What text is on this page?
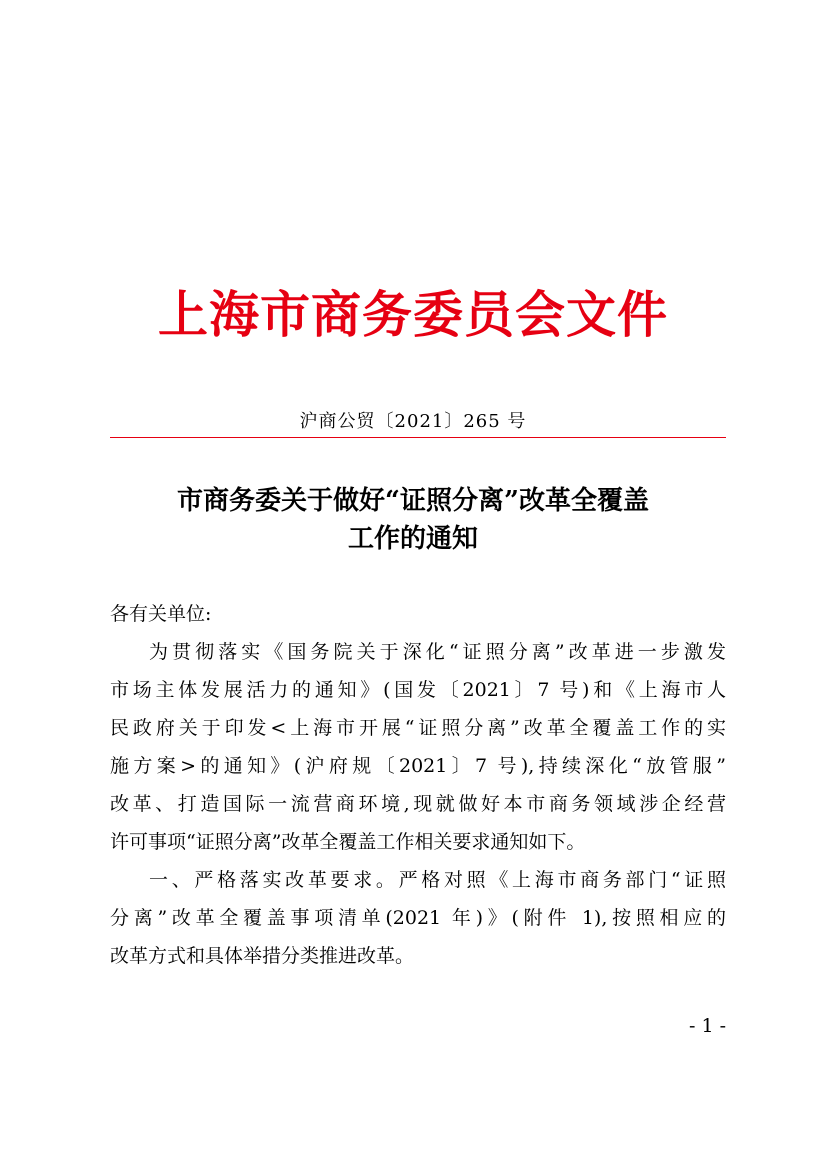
上海市商务委员会文件
沪商公贸〔2021〕265 号
市商务委关于做好“证照分离”改革全覆盖
工作的通知
各有关单位:
为贯彻落实《国务院关于深化“证照分离”改革进一步激发
市场主体发展活力的通知》(国发〔2021〕7 号)和《上海市人
民政府关于印发<上海市开展“证照分离”改革全覆盖工作的实
施方案>的通知》(沪府规〔2021〕7 号),持续深化“放管服”
改革、打造国际一流营商环境,现就做好本市商务领域涉企经营
许可事项“证照分离”改革全覆盖工作相关要求通知如下。
一、严格落实改革要求。严格对照《上海市商务部门“证照
分离”改革全覆盖事项清单(2021 年)》(附件 1),按照相应的
改革方式和具体举措分类推进改革。
- 1 -
